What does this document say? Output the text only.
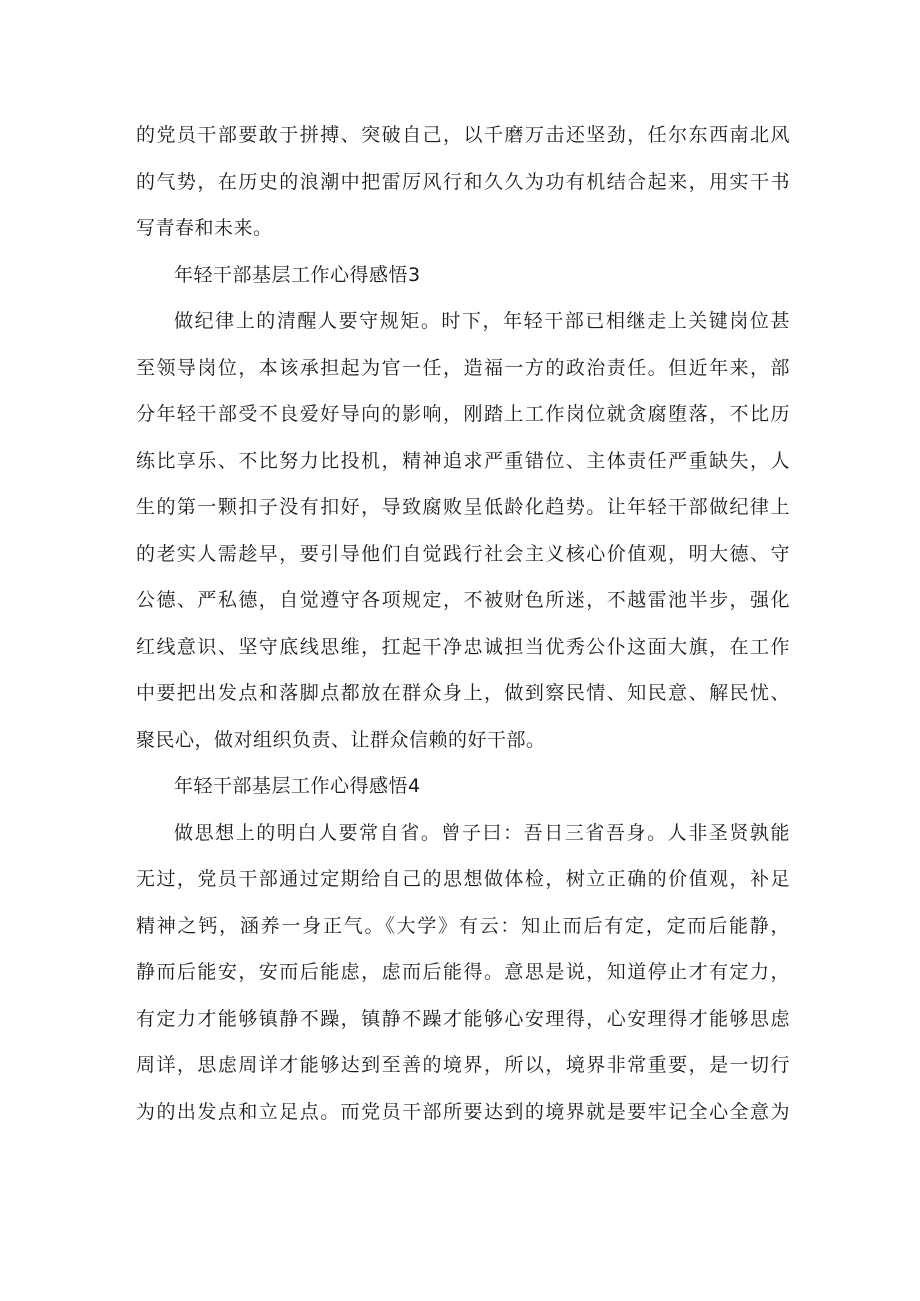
的党员干部要敢于拼搏、突破自己，以千磨万击还坚劲，任尔东西南北风
的气势，在历史的浪潮中把雷厉风行和久久为功有机结合起来，用实干书
写青春和未来。
年轻干部基层工作心得感悟3
做纪律上的清醒人要守规矩。时下，年轻干部已相继走上关键岗位甚
至领导岗位，本该承担起为官一任，造福一方的政治责任。但近年来，部
分年轻干部受不良爱好导向的影响，刚踏上工作岗位就贪腐堕落，不比历
练比享乐、不比努力比投机，精神追求严重错位、主体责任严重缺失，人
生的第一颗扣子没有扣好，导致腐败呈低龄化趋势。让年轻干部做纪律上
的老实人需趁早，要引导他们自觉践行社会主义核心价值观，明大德、守
公德、严私德，自觉遵守各项规定，不被财色所迷，不越雷池半步，强化
红线意识、坚守底线思维，扛起干净忠诚担当优秀公仆这面大旗，在工作
中要把出发点和落脚点都放在群众身上，做到察民情、知民意、解民忧、
聚民心，做对组织负责、让群众信赖的好干部。
年轻干部基层工作心得感悟4
做思想上的明白人要常自省。曾子曰：吾日三省吾身。人非圣贤孰能
无过，党员干部通过定期给自己的思想做体检，树立正确的价值观，补足
精神之钙，涵养一身正气。《大学》有云：知止而后有定，定而后能静，
静而后能安，安而后能虑，虑而后能得。意思是说，知道停止才有定力，
有定力才能够镇静不躁，镇静不躁才能够心安理得，心安理得才能够思虑
周详，思虑周详才能够达到至善的境界，所以，境界非常重要，是一切行
为的出发点和立足点。而党员干部所要达到的境界就是要牢记全心全意为
